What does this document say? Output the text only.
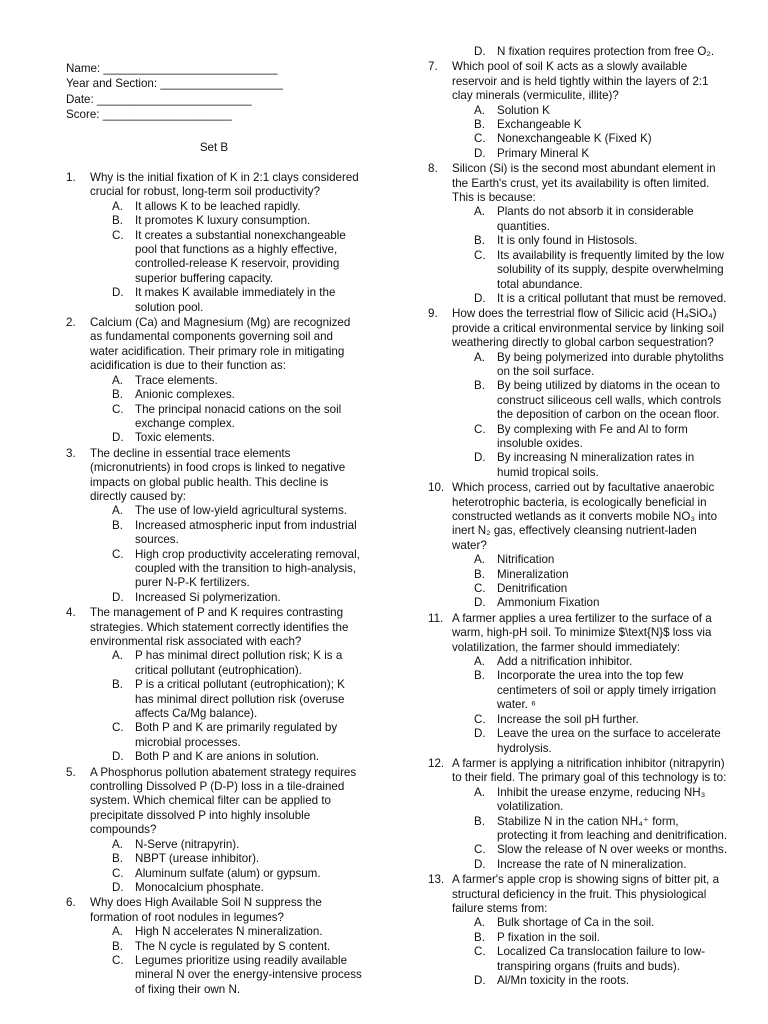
Name: ___________________________
Year and Section: ___________________
Date: ________________________
Score: ____________________
Set B
1. Why is the initial fixation of K in 2:1 clays considered crucial for robust, long-term soil productivity?
A. It allows K to be leached rapidly.
B. It promotes K luxury consumption.
C. It creates a substantial nonexchangeable pool that functions as a highly effective, controlled-release K reservoir, providing superior buffering capacity.
D. It makes K available immediately in the solution pool.
2. Calcium (Ca) and Magnesium (Mg) are recognized as fundamental components governing soil and water acidification. Their primary role in mitigating acidification is due to their function as:
A. Trace elements.
B. Anionic complexes.
C. The principal nonacid cations on the soil exchange complex.
D. Toxic elements.
3. The decline in essential trace elements (micronutrients) in food crops is linked to negative impacts on global public health. This decline is directly caused by:
A. The use of low-yield agricultural systems.
B. Increased atmospheric input from industrial sources.
C. High crop productivity accelerating removal, coupled with the transition to high-analysis, purer N-P-K fertilizers.
D. Increased Si polymerization.
4. The management of P and K requires contrasting strategies. Which statement correctly identifies the environmental risk associated with each?
A. P has minimal direct pollution risk; K is a critical pollutant (eutrophication).
B. P is a critical pollutant (eutrophication); K has minimal direct pollution risk (overuse affects Ca/Mg balance).
C. Both P and K are primarily regulated by microbial processes.
D. Both P and K are anions in solution.
5. A Phosphorus pollution abatement strategy requires controlling Dissolved P (D-P) loss in a tile-drained system. Which chemical filter can be applied to precipitate dissolved P into highly insoluble compounds?
A. N-Serve (nitrapyrin).
B. NBPT (urease inhibitor).
C. Aluminum sulfate (alum) or gypsum.
D. Monocalcium phosphate.
6. Why does High Available Soil N suppress the formation of root nodules in legumes?
A. High N accelerates N mineralization.
B. The N cycle is regulated by S content.
C. Legumes prioritize using readily available mineral N over the energy-intensive process of fixing their own N.
D. N fixation requires protection from free O₂.
7. Which pool of soil K acts as a slowly available reservoir and is held tightly within the layers of 2:1 clay minerals (vermiculite, illite)?
A. Solution K
B. Exchangeable K
C. Nonexchangeable K (Fixed K)
D. Primary Mineral K
8. Silicon (Si) is the second most abundant element in the Earth's crust, yet its availability is often limited. This is because:
A. Plants do not absorb it in considerable quantities.
B. It is only found in Histosols.
C. Its availability is frequently limited by the low solubility of its supply, despite overwhelming total abundance.
D. It is a critical pollutant that must be removed.
9. How does the terrestrial flow of Silicic acid (H₄SiO₄) provide a critical environmental service by linking soil weathering directly to global carbon sequestration?
A. By being polymerized into durable phytoliths on the soil surface.
B. By being utilized by diatoms in the ocean to construct siliceous cell walls, which controls the deposition of carbon on the ocean floor.
C. By complexing with Fe and Al to form insoluble oxides.
D. By increasing N mineralization rates in humid tropical soils.
10. Which process, carried out by facultative anaerobic heterotrophic bacteria, is ecologically beneficial in constructed wetlands as it converts mobile NO₃ into inert N₂ gas, effectively cleansing nutrient-laden water?
A. Nitrification
B. Mineralization
C. Denitrification
D. Ammonium Fixation
11. A farmer applies a urea fertilizer to the surface of a warm, high-pH soil. To minimize $\text{N}$ loss via volatilization, the farmer should immediately:
A. Add a nitrification inhibitor.
B. Incorporate the urea into the top few centimeters of soil or apply timely irrigation water. ⁶
C. Increase the soil pH further.
D. Leave the urea on the surface to accelerate hydrolysis.
12. A farmer is applying a nitrification inhibitor (nitrapyrin) to their field. The primary goal of this technology is to:
A. Inhibit the urease enzyme, reducing NH₃ volatilization.
B. Stabilize N in the cation NH₄⁺ form, protecting it from leaching and denitrification.
C. Slow the release of N over weeks or months.
D. Increase the rate of N mineralization.
13. A farmer's apple crop is showing signs of bitter pit, a structural deficiency in the fruit. This physiological failure stems from:
A. Bulk shortage of Ca in the soil.
B. P fixation in the soil.
C. Localized Ca translocation failure to low-transpiring organs (fruits and buds).
D. Al/Mn toxicity in the roots.
